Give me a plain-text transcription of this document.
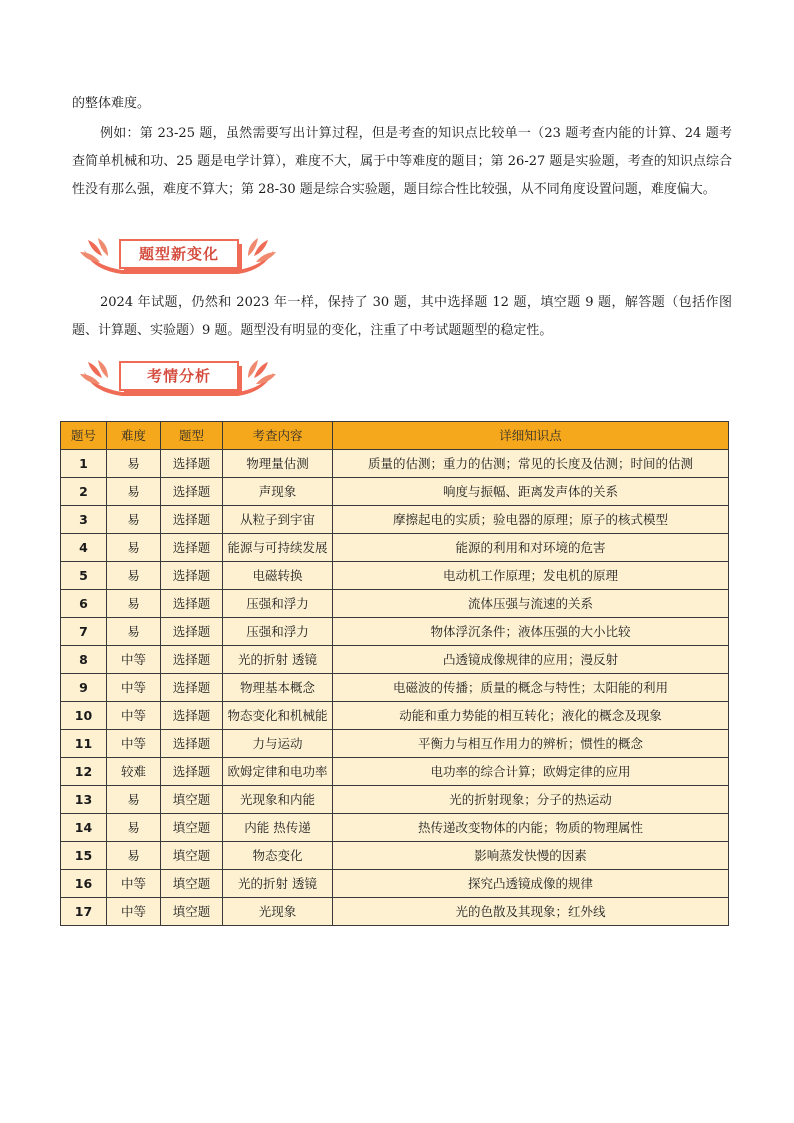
的整体难度。

例如：第 23-25 题，虽然需要写出计算过程，但是考查的知识点比较单一（23 题考查内能的计算、24 题考查简单机械和功、25 题是电学计算），难度不大，属于中等难度的题目；第 26-27 题是实验题，考查的知识点综合性没有那么强，难度不算大；第 28-30 题是综合实验题，题目综合性比较强，从不同角度设置问题，难度偏大。

题型新变化

2024 年试题，仍然和 2023 年一样，保持了 30 题，其中选择题 12 题，填空题 9 题，解答题（包括作图题、计算题、实验题）9 题。题型没有明显的变化，注重了中考试题题型的稳定性。

考情分析
题号	难度	题型	考查内容	详细知识点
1	易	选择题	物理量估测	质量的估测；重力的估测；常见的长度及估测；时间的估测
2	易	选择题	声现象	响度与振幅、距离发声体的关系
3	易	选择题	从粒子到宇宙	摩擦起电的实质；验电器的原理；原子的核式模型
4	易	选择题	能源与可持续发展	能源的利用和对环境的危害
5	易	选择题	电磁转换	电动机工作原理；发电机的原理
6	易	选择题	压强和浮力	流体压强与流速的关系
7	易	选择题	压强和浮力	物体浮沉条件；液体压强的大小比较
8	中等	选择题	光的折射 透镜	凸透镜成像规律的应用；漫反射
9	中等	选择题	物理基本概念	电磁波的传播；质量的概念与特性；太阳能的利用
10	中等	选择题	物态变化和机械能	动能和重力势能的相互转化；液化的概念及现象
11	中等	选择题	力与运动	平衡力与相互作用力的辨析；惯性的概念
12	较难	选择题	欧姆定律和电功率	电功率的综合计算；欧姆定律的应用
13	易	填空题	光现象和内能	光的折射现象；分子的热运动
14	易	填空题	内能 热传递	热传递改变物体的内能；物质的物理属性
15	易	填空题	物态变化	影响蒸发快慢的因素
16	中等	填空题	光的折射 透镜	探究凸透镜成像的规律
17	中等	填空题	光现象	光的色散及其现象；红外线
